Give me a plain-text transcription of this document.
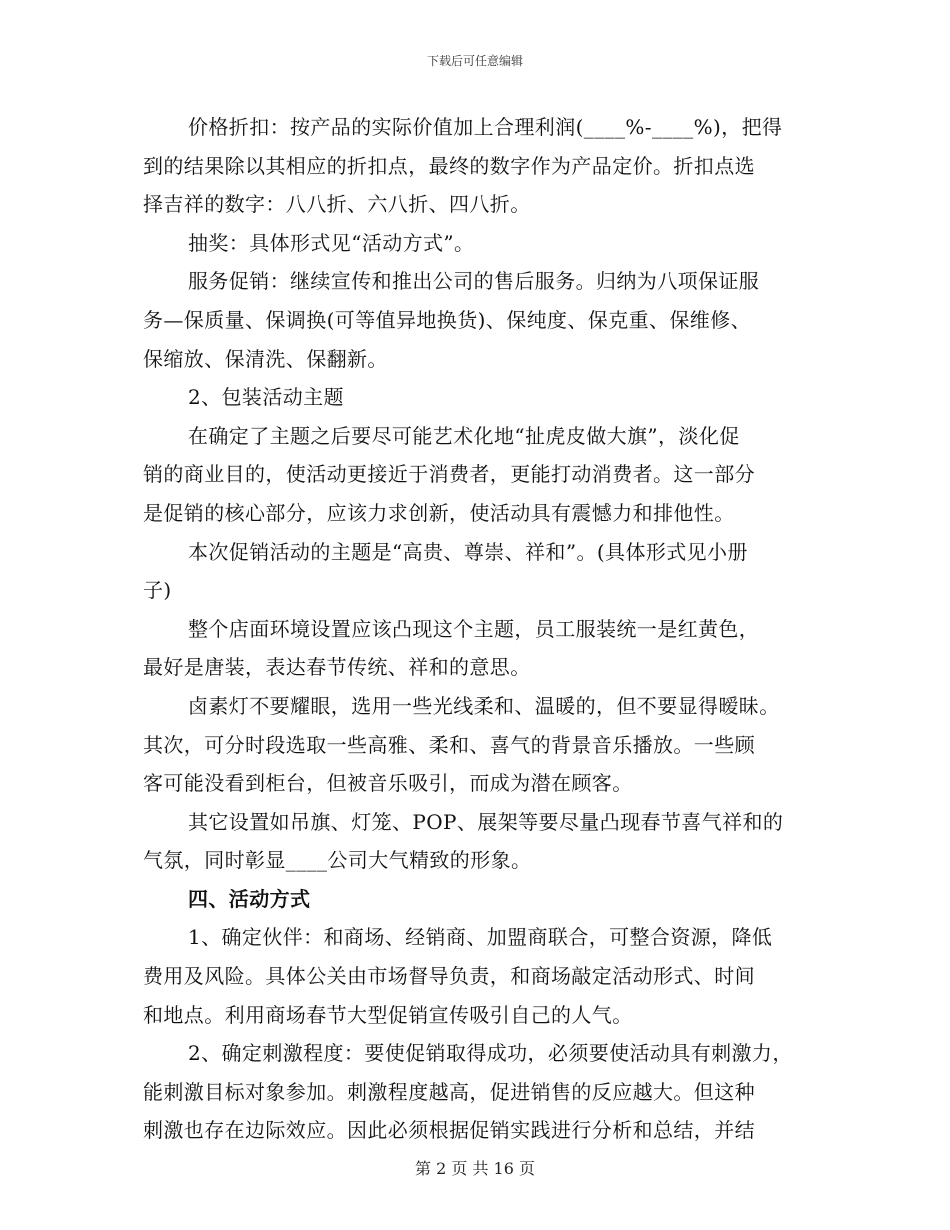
下载后可任意编辑
价格折扣：按产品的实际价值加上合理利润(____%-____%)，把得
到的结果除以其相应的折扣点，最终的数字作为产品定价。折扣点选
择吉祥的数字：八八折、六八折、四八折。
抽奖：具体形式见“活动方式”。
服务促销：继续宣传和推出公司的售后服务。归纳为八项保证服
务—保质量、保调换(可等值异地换货)、保纯度、保克重、保维修、
保缩放、保清洗、保翻新。
2、包装活动主题
在确定了主题之后要尽可能艺术化地“扯虎皮做大旗”，淡化促
销的商业目的，使活动更接近于消费者，更能打动消费者。这一部分
是促销的核心部分，应该力求创新，使活动具有震憾力和排他性。
本次促销活动的主题是“高贵、尊崇、祥和”。(具体形式见小册
子)
整个店面环境设置应该凸现这个主题，员工服装统一是红黄色，
最好是唐装，表达春节传统、祥和的意思。
卤素灯不要耀眼，选用一些光线柔和、温暖的，但不要显得暧昧。
其次，可分时段选取一些高雅、柔和、喜气的背景音乐播放。一些顾
客可能没看到柜台，但被音乐吸引，而成为潜在顾客。
其它设置如吊旗、灯笼、POP、展架等要尽量凸现春节喜气祥和的
气氛，同时彰显____公司大气精致的形象。
四、活动方式
1、确定伙伴：和商场、经销商、加盟商联合，可整合资源，降低
费用及风险。具体公关由市场督导负责，和商场敲定活动形式、时间
和地点。利用商场春节大型促销宣传吸引自己的人气。
2、确定刺激程度：要使促销取得成功，必须要使活动具有刺激力，
能刺激目标对象参加。刺激程度越高，促进销售的反应越大。但这种
刺激也存在边际效应。因此必须根据促销实践进行分析和总结，并结
第 2 页 共 16 页
